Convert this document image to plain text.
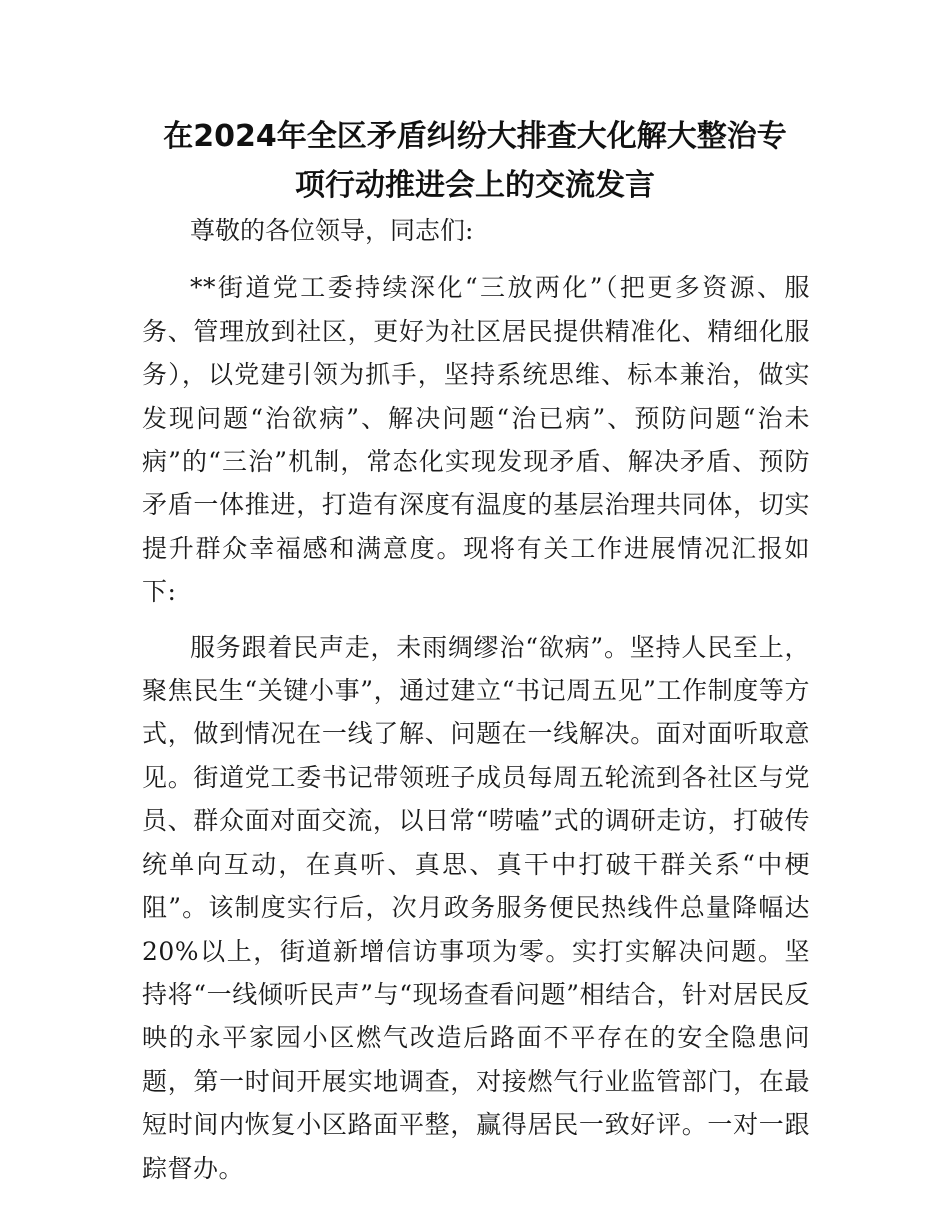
在2024年全区矛盾纠纷大排查大化解大整治专
项行动推进会上的交流发言

尊敬的各位领导，同志们:

**街道党工委持续深化“三放两化”（把更多资源、服务、管理放到社区，更好为社区居民提供精准化、精细化服务），以党建引领为抓手，坚持系统思维、标本兼治，做实发现问题“治欲病”、解决问题“治已病”、预防问题“治未病”的“三治”机制，常态化实现发现矛盾、解决矛盾、预防矛盾一体推进，打造有深度有温度的基层治理共同体，切实提升群众幸福感和满意度。现将有关工作进展情况汇报如下:

服务跟着民声走，未雨绸缪治“欲病”。坚持人民至上，聚焦民生“关键小事”，通过建立“书记周五见”工作制度等方式，做到情况在一线了解、问题在一线解决。面对面听取意见。街道党工委书记带领班子成员每周五轮流到各社区与党员、群众面对面交流，以日常“唠嗑”式的调研走访，打破传统单向互动，在真听、真思、真干中打破干群关系“中梗阻”。该制度实行后，次月政务服务便民热线件总量降幅达20%以上，街道新增信访事项为零。实打实解决问题。坚持将“一线倾听民声”与“现场查看问题”相结合，针对居民反映的永平家园小区燃气改造后路面不平存在的安全隐患问题，第一时间开展实地调查，对接燃气行业监管部门，在最短时间内恢复小区路面平整，赢得居民一致好评。一对一跟踪督办。
